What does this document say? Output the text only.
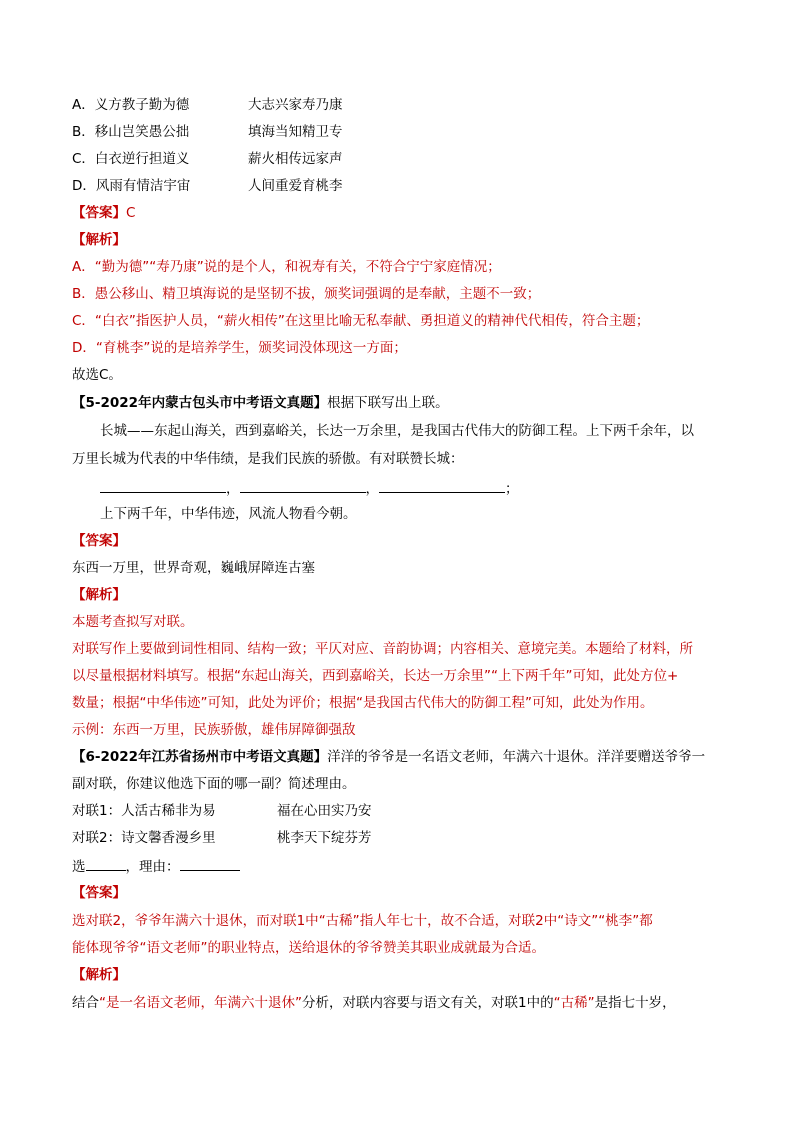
A．义方教子勤为德	大志兴家寿乃康
B．移山岂笑愚公拙	填海当知精卫专
C．白衣逆行担道义	薪火相传远家声
D．风雨有情洁宇宙	人间重爱育桃李
【答案】C
【解析】
A．“勤为德”“寿乃康”说的是个人，和祝寿有关，不符合宁宁家庭情况；
B．愚公移山、精卫填海说的是坚韧不拔，颁奖词强调的是奉献，主题不一致；
C．“白衣”指医护人员，“薪火相传”在这里比喻无私奉献、勇担道义的精神代代相传，符合主题；
D．“育桃李”说的是培养学生，颁奖词没体现这一方面；
故选C。
【5-2022年内蒙古包头市中考语文真题】根据下联写出上联。
长城——东起山海关，西到嘉峪关，长达一万余里，是我国古代伟大的防御工程。上下两千余年，以
万里长城为代表的中华伟绩，是我们民族的骄傲。有对联赞长城：
，	，	；
上下两千年，中华伟迹，风流人物看今朝。
【答案】
东西一万里，世界奇观，巍峨屏障连古塞
【解析】
本题考查拟写对联。
对联写作上要做到词性相同、结构一致；平仄对应、音韵协调；内容相关、意境完美。本题给了材料，所
以尽量根据材料填写。根据“东起山海关，西到嘉峪关，长达一万余里”“上下两千年”可知，此处方位+
数量；根据“中华伟迹”可知，此处为评价；根据“是我国古代伟大的防御工程”可知，此处为作用。
示例：东西一万里，民族骄傲，雄伟屏障御强敌
【6-2022年江苏省扬州市中考语文真题】洋洋的爷爷是一名语文老师，年满六十退休。洋洋要赠送爷爷一
副对联，你建议他选下面的哪一副？简述理由。
对联1：人活古稀非为易	福在心田实乃安
对联2：诗文馨香漫乡里	桃李天下绽芬芳
选	，理由：
【答案】
选对联2，爷爷年满六十退休，而对联1中“古稀”指人年七十，故不合适，对联2中“诗文”“桃李”都
能体现爷爷“语文老师”的职业特点，送给退休的爷爷赞美其职业成就最为合适。
【解析】
结合“是一名语文老师，年满六十退休”分析，对联内容要与语文有关，对联1中的“古稀”是指七十岁，
